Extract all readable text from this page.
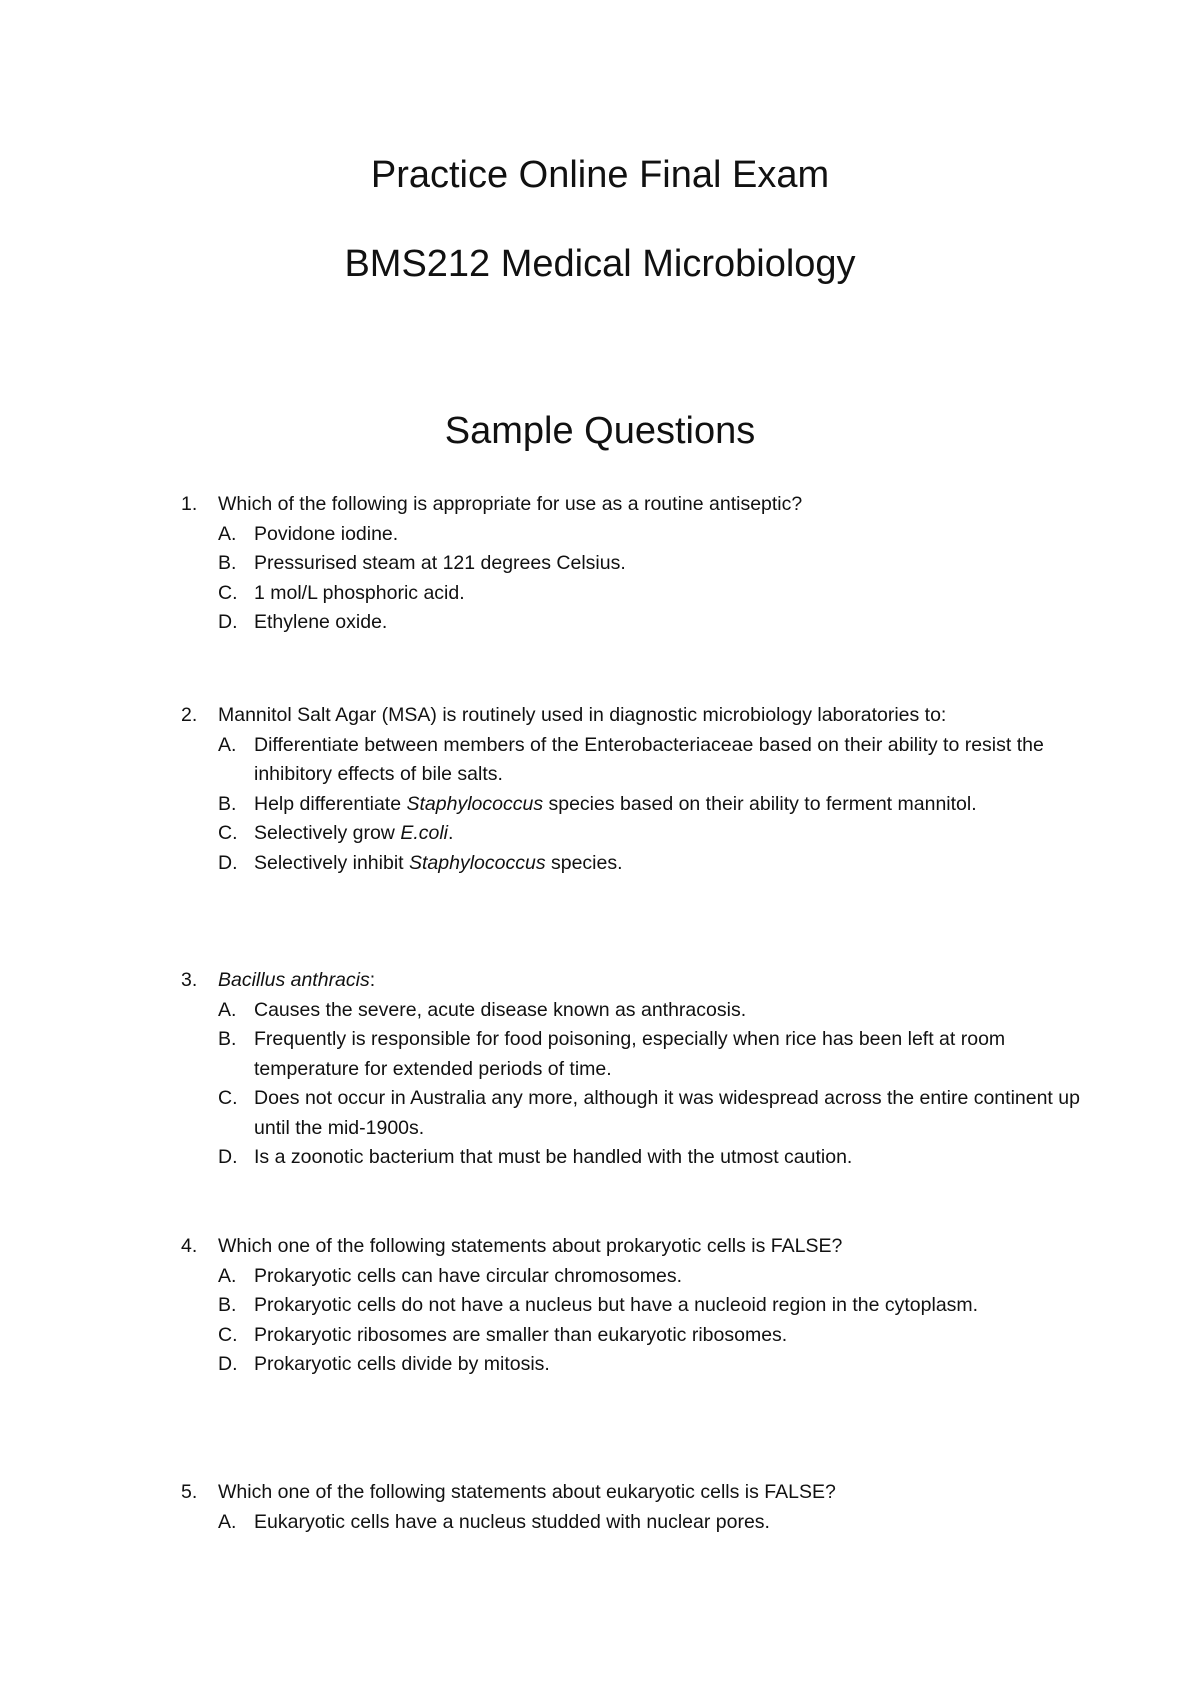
Practice Online Final Exam
BMS212 Medical Microbiology
Sample Questions
1. Which of the following is appropriate for use as a routine antiseptic?
A. Povidone iodine.
B. Pressurised steam at 121 degrees Celsius.
C. 1 mol/L phosphoric acid.
D. Ethylene oxide.
2. Mannitol Salt Agar (MSA) is routinely used in diagnostic microbiology laboratories to:
A. Differentiate between members of the Enterobacteriaceae based on their ability to resist the inhibitory effects of bile salts.
B. Help differentiate Staphylococcus species based on their ability to ferment mannitol.
C. Selectively grow E.coli.
D. Selectively inhibit Staphylococcus species.
3. Bacillus anthracis:
A. Causes the severe, acute disease known as anthracosis.
B. Frequently is responsible for food poisoning, especially when rice has been left at room temperature for extended periods of time.
C. Does not occur in Australia any more, although it was widespread across the entire continent up until the mid-1900s.
D. Is a zoonotic bacterium that must be handled with the utmost caution.
4. Which one of the following statements about prokaryotic cells is FALSE?
A. Prokaryotic cells can have circular chromosomes.
B. Prokaryotic cells do not have a nucleus but have a nucleoid region in the cytoplasm.
C. Prokaryotic ribosomes are smaller than eukaryotic ribosomes.
D. Prokaryotic cells divide by mitosis.
5. Which one of the following statements about eukaryotic cells is FALSE?
A. Eukaryotic cells have a nucleus studded with nuclear pores.
